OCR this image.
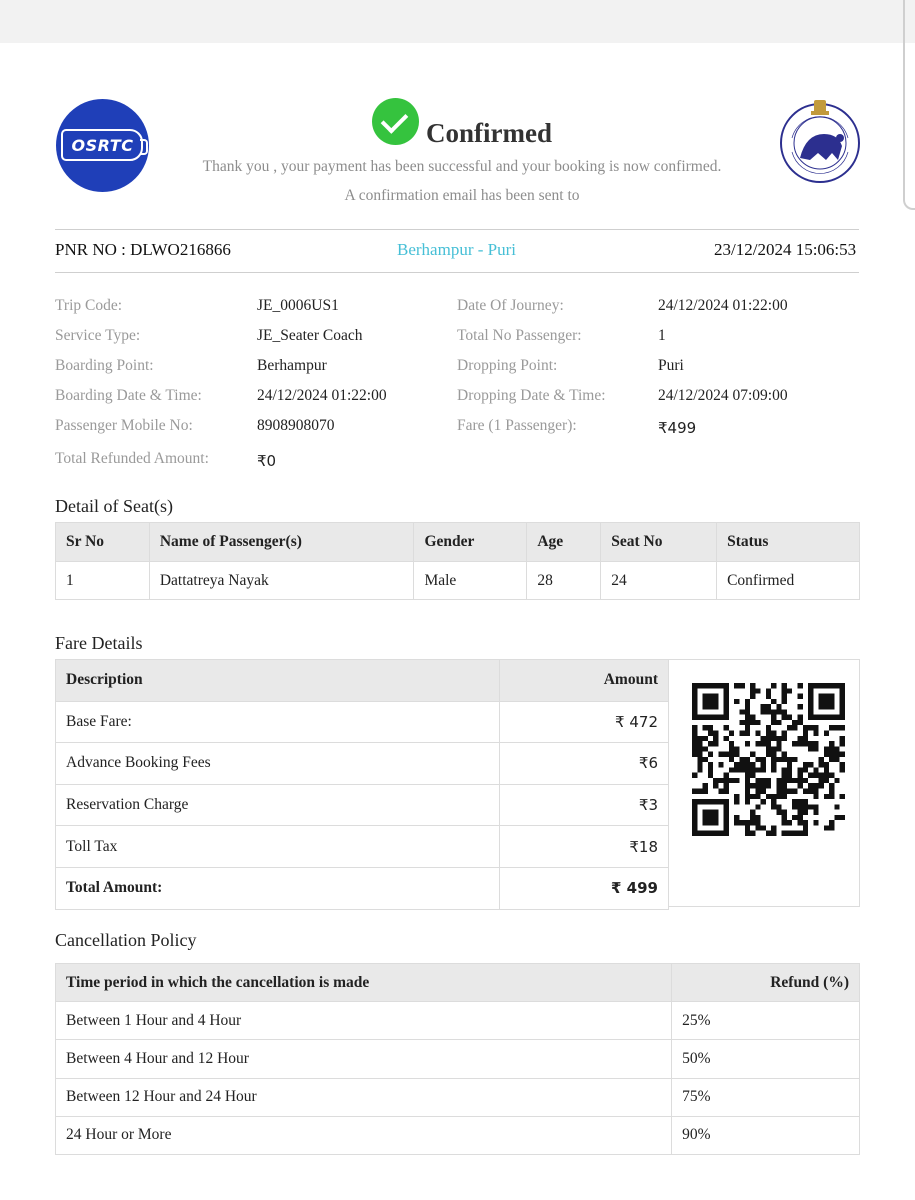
OSRTC	Confirmed
Thank you , your payment has been successful and your booking is now confirmed.
A confirmation email has been sent to
PNR NO : DLWO216866	Berhampur - Puri	23/12/2024 15:06:53
Trip Code:	JE_0006US1
Service Type:	JE_Seater Coach
Boarding Point:	Berhampur
Boarding Date & Time:	24/12/2024 01:22:00
Passenger Mobile No:	8908908070
Total Refunded Amount:	₹0
Date Of Journey:	24/12/2024 01:22:00
Total No Passenger:	1
Dropping Point:	Puri
Dropping Date & Time:	24/12/2024 07:09:00
Fare (1 Passenger):	₹499
Detail of Seat(s)
Sr No	Name of Passenger(s)	Gender	Age	Seat No	Status
1	Dattatreya Nayak	Male	28	24	Confirmed
Fare Details
Description	Amount
Base Fare:	₹ 472
Advance Booking Fees	₹6
Reservation Charge	₹3
Toll Tax	₹18
Total Amount:	₹ 499
Cancellation Policy
Time period in which the cancellation is made	Refund (%)
Between 1 Hour and 4 Hour	25%
Between 4 Hour and 12 Hour	50%
Between 12 Hour and 24 Hour	75%
24 Hour or More	90%
